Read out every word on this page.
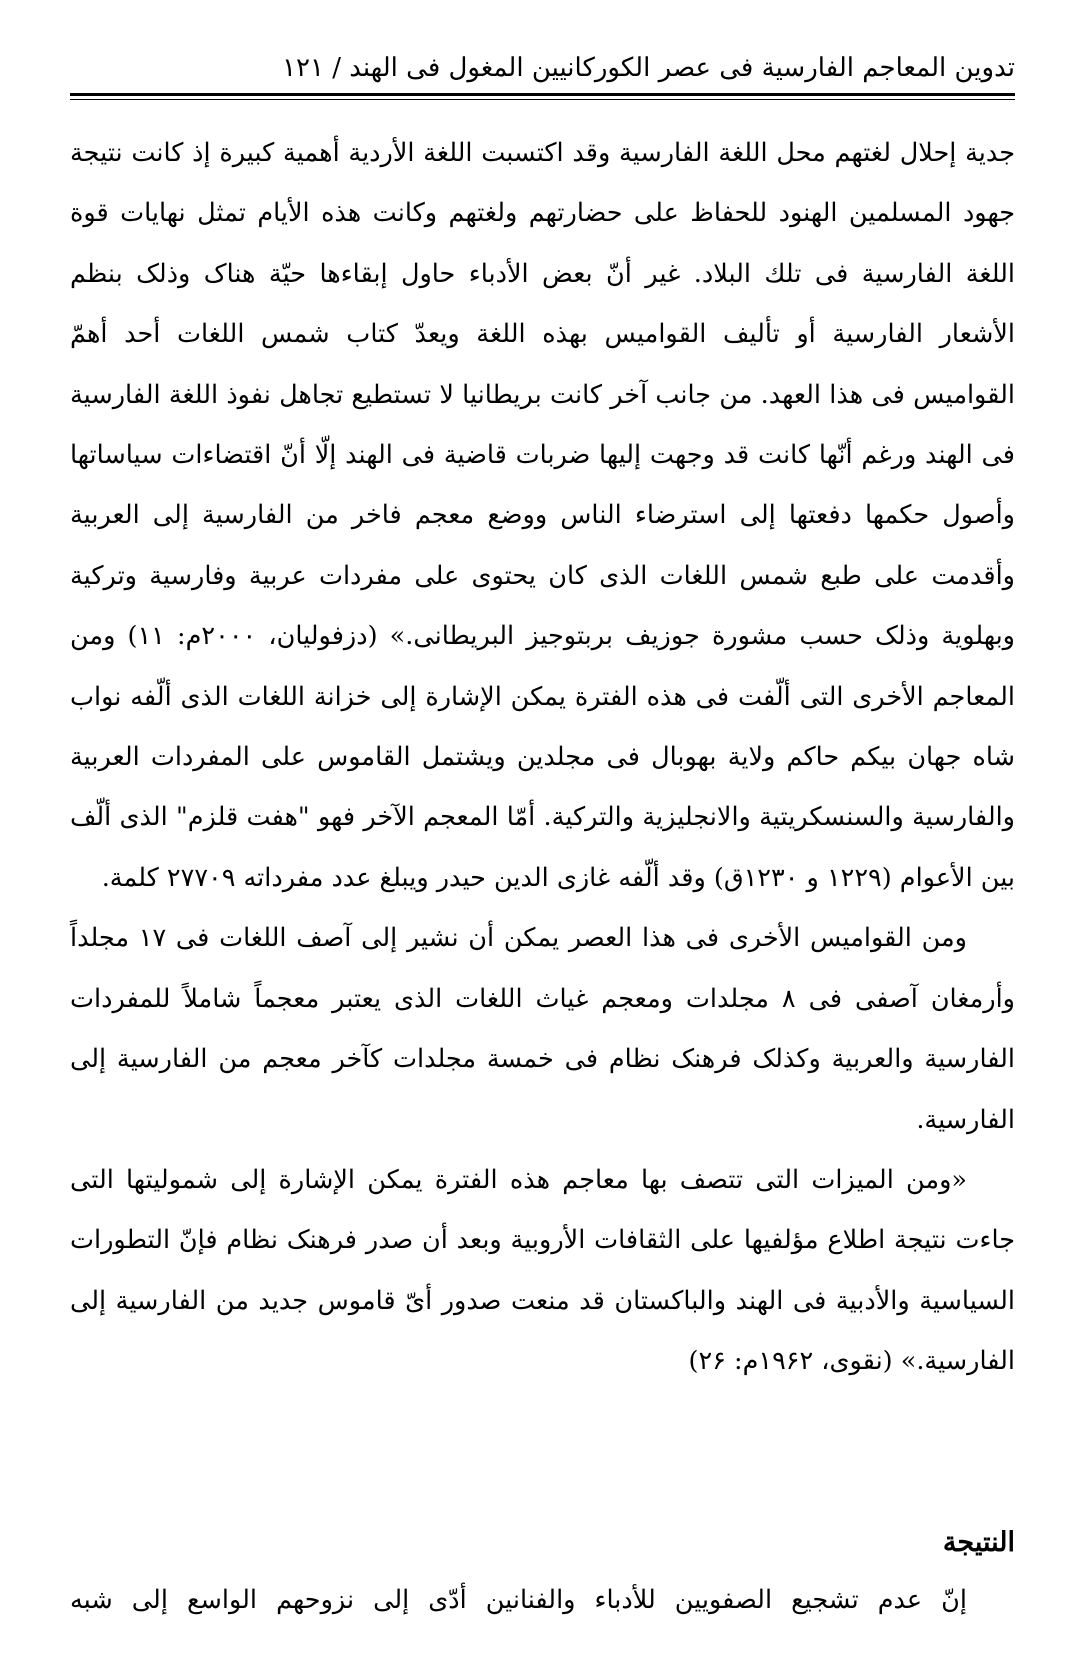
تدوين المعاجم الفارسية فى عصر الكوركانيين المغول فى الهند / ۱۲۱

جدية إحلال لغتهم محل اللغة الفارسية وقد اكتسبت اللغة الأردية أهمية كبيرة إذ كانت نتيجة جهود المسلمين الهنود للحفاظ على حضارتهم ولغتهم وكانت هذه الأيام تمثل نهايات قوة اللغة الفارسية فى تلك البلاد. غير أنّ بعض الأدباء حاول إبقاءها حيّة هناک وذلک بنظم الأشعار الفارسية أو تأليف القواميس بهذه اللغة ويعدّ كتاب شمس اللغات أحد أهمّ القواميس فى هذا العهد. من جانب آخر كانت بريطانيا لا تستطيع تجاهل نفوذ اللغة الفارسية فى الهند ورغم أنّها كانت قد وجهت إليها ضربات قاضية فى الهند إلّا أنّ اقتضاءات سياساتها وأصول حكمها دفعتها إلى استرضاء الناس ووضع معجم فاخر من الفارسية إلى العربية وأقدمت على طبع شمس اللغات الذى كان يحتوى على مفردات عربية وفارسية وتركية وبهلوية وذلک حسب مشورة جوزيف بربتوجيز البريطانى.» (دزفوليان، ۲۰۰۰م: ۱۱) ومن المعاجم الأخرى التى ألّفت فى هذه الفترة يمكن الإشارة إلى خزانة اللغات الذى ألّفه نواب شاه جهان بيكم حاكم ولاية بهوبال فى مجلدين ويشتمل القاموس على المفردات العربية والفارسية والسنسكريتية والانجليزية والتركية. أمّا المعجم الآخر فهو "هفت قلزم" الذى ألّف بين الأعوام (۱۲۲۹ و ۱۲۳۰ق) وقد ألّفه غازى الدين حيدر ويبلغ عدد مفرداته ۲۷۷۰۹ كلمة.

ومن القواميس الأخرى فى هذا العصر يمكن أن نشير إلى آصف اللغات فى ۱۷ مجلداً وأرمغان آصفى فى ۸ مجلدات ومعجم غياث اللغات الذى يعتبر معجماً شاملاً للمفردات الفارسية والعربية وكذلک فرهنک نظام فى خمسة مجلدات كآخر معجم من الفارسية إلى الفارسية.

«ومن الميزات التى تتصف بها معاجم هذه الفترة يمكن الإشارة إلى شموليتها التى جاءت نتيجة اطلاع مؤلفيها على الثقافات الأروبية وبعد أن صدر فرهنک نظام فإنّ التطورات السياسية والأدبية فى الهند والباكستان قد منعت صدور أىّ قاموس جديد من الفارسية إلى الفارسية.» (نقوى، ۱۹۶۲م: ۲۶)

النتيجة
إنّ عدم تشجيع الصفويين للأدباء والفنانين أدّى إلى نزوحهم الواسع إلى شبه
